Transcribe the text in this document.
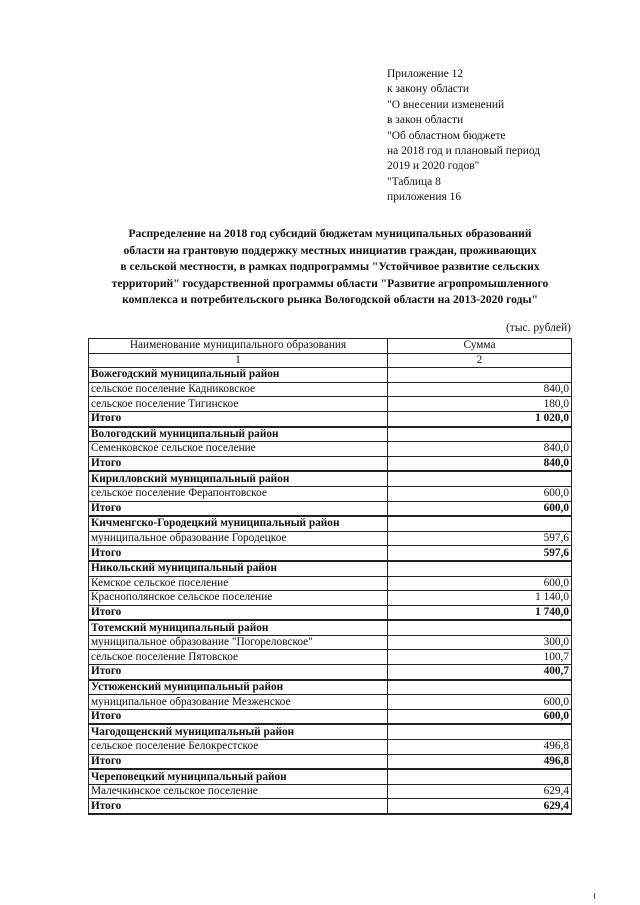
Приложение 12
к закону области
"О внесении изменений
в закон области
"Об областном бюджете
на 2018 год и плановый период
2019 и 2020 годов"
"Таблица 8
приложения 16
Распределение на 2018 год субсидий бюджетам муниципальных образований
области на грантовую поддержку местных инициатив граждан, проживающих
в сельской местности, в рамках подпрограммы "Устойчивое развитие сельских
территорий" государственной программы области "Развитие агропромышленного
комплекса и потребительского рынка Вологодской области на 2013-2020 годы"
(тыс. рублей)
Наименование муниципального образования	Сумма
1	2
Вожегодский муниципальный район	
сельское поселение Кадниковское	840,0
сельское поселение Тигинское	180,0
Итого	1 020,0
Вологодский муниципальный район	
Семенковское сельское поселение	840,0
Итого	840,0
Кирилловский муниципальный район	
сельское поселение Ферапонтовское	600,0
Итого	600,0
Кичменгско-Городецкий муниципальный район	
муниципальное образование Городецкое	597,6
Итого	597,6
Никольский муниципальный район	
Кемское сельское поселение	600,0
Краснополянское сельское поселение	1 140,0
Итого	1 740,0
Тотемский муниципальный район	
муниципальное образование "Погореловское"	300,0
сельское поселение Пятовское	100,7
Итого	400,7
Устюженский муниципальный район	
муниципальное образование Мезженское	600,0
Итого	600,0
Чагодощенский муниципальный район	
сельское поселение Белокрестское	496,8
Итого	496,8
Череповецкий муниципальный район	
Малечкинское сельское поселение	629,4
Итого	629,4
